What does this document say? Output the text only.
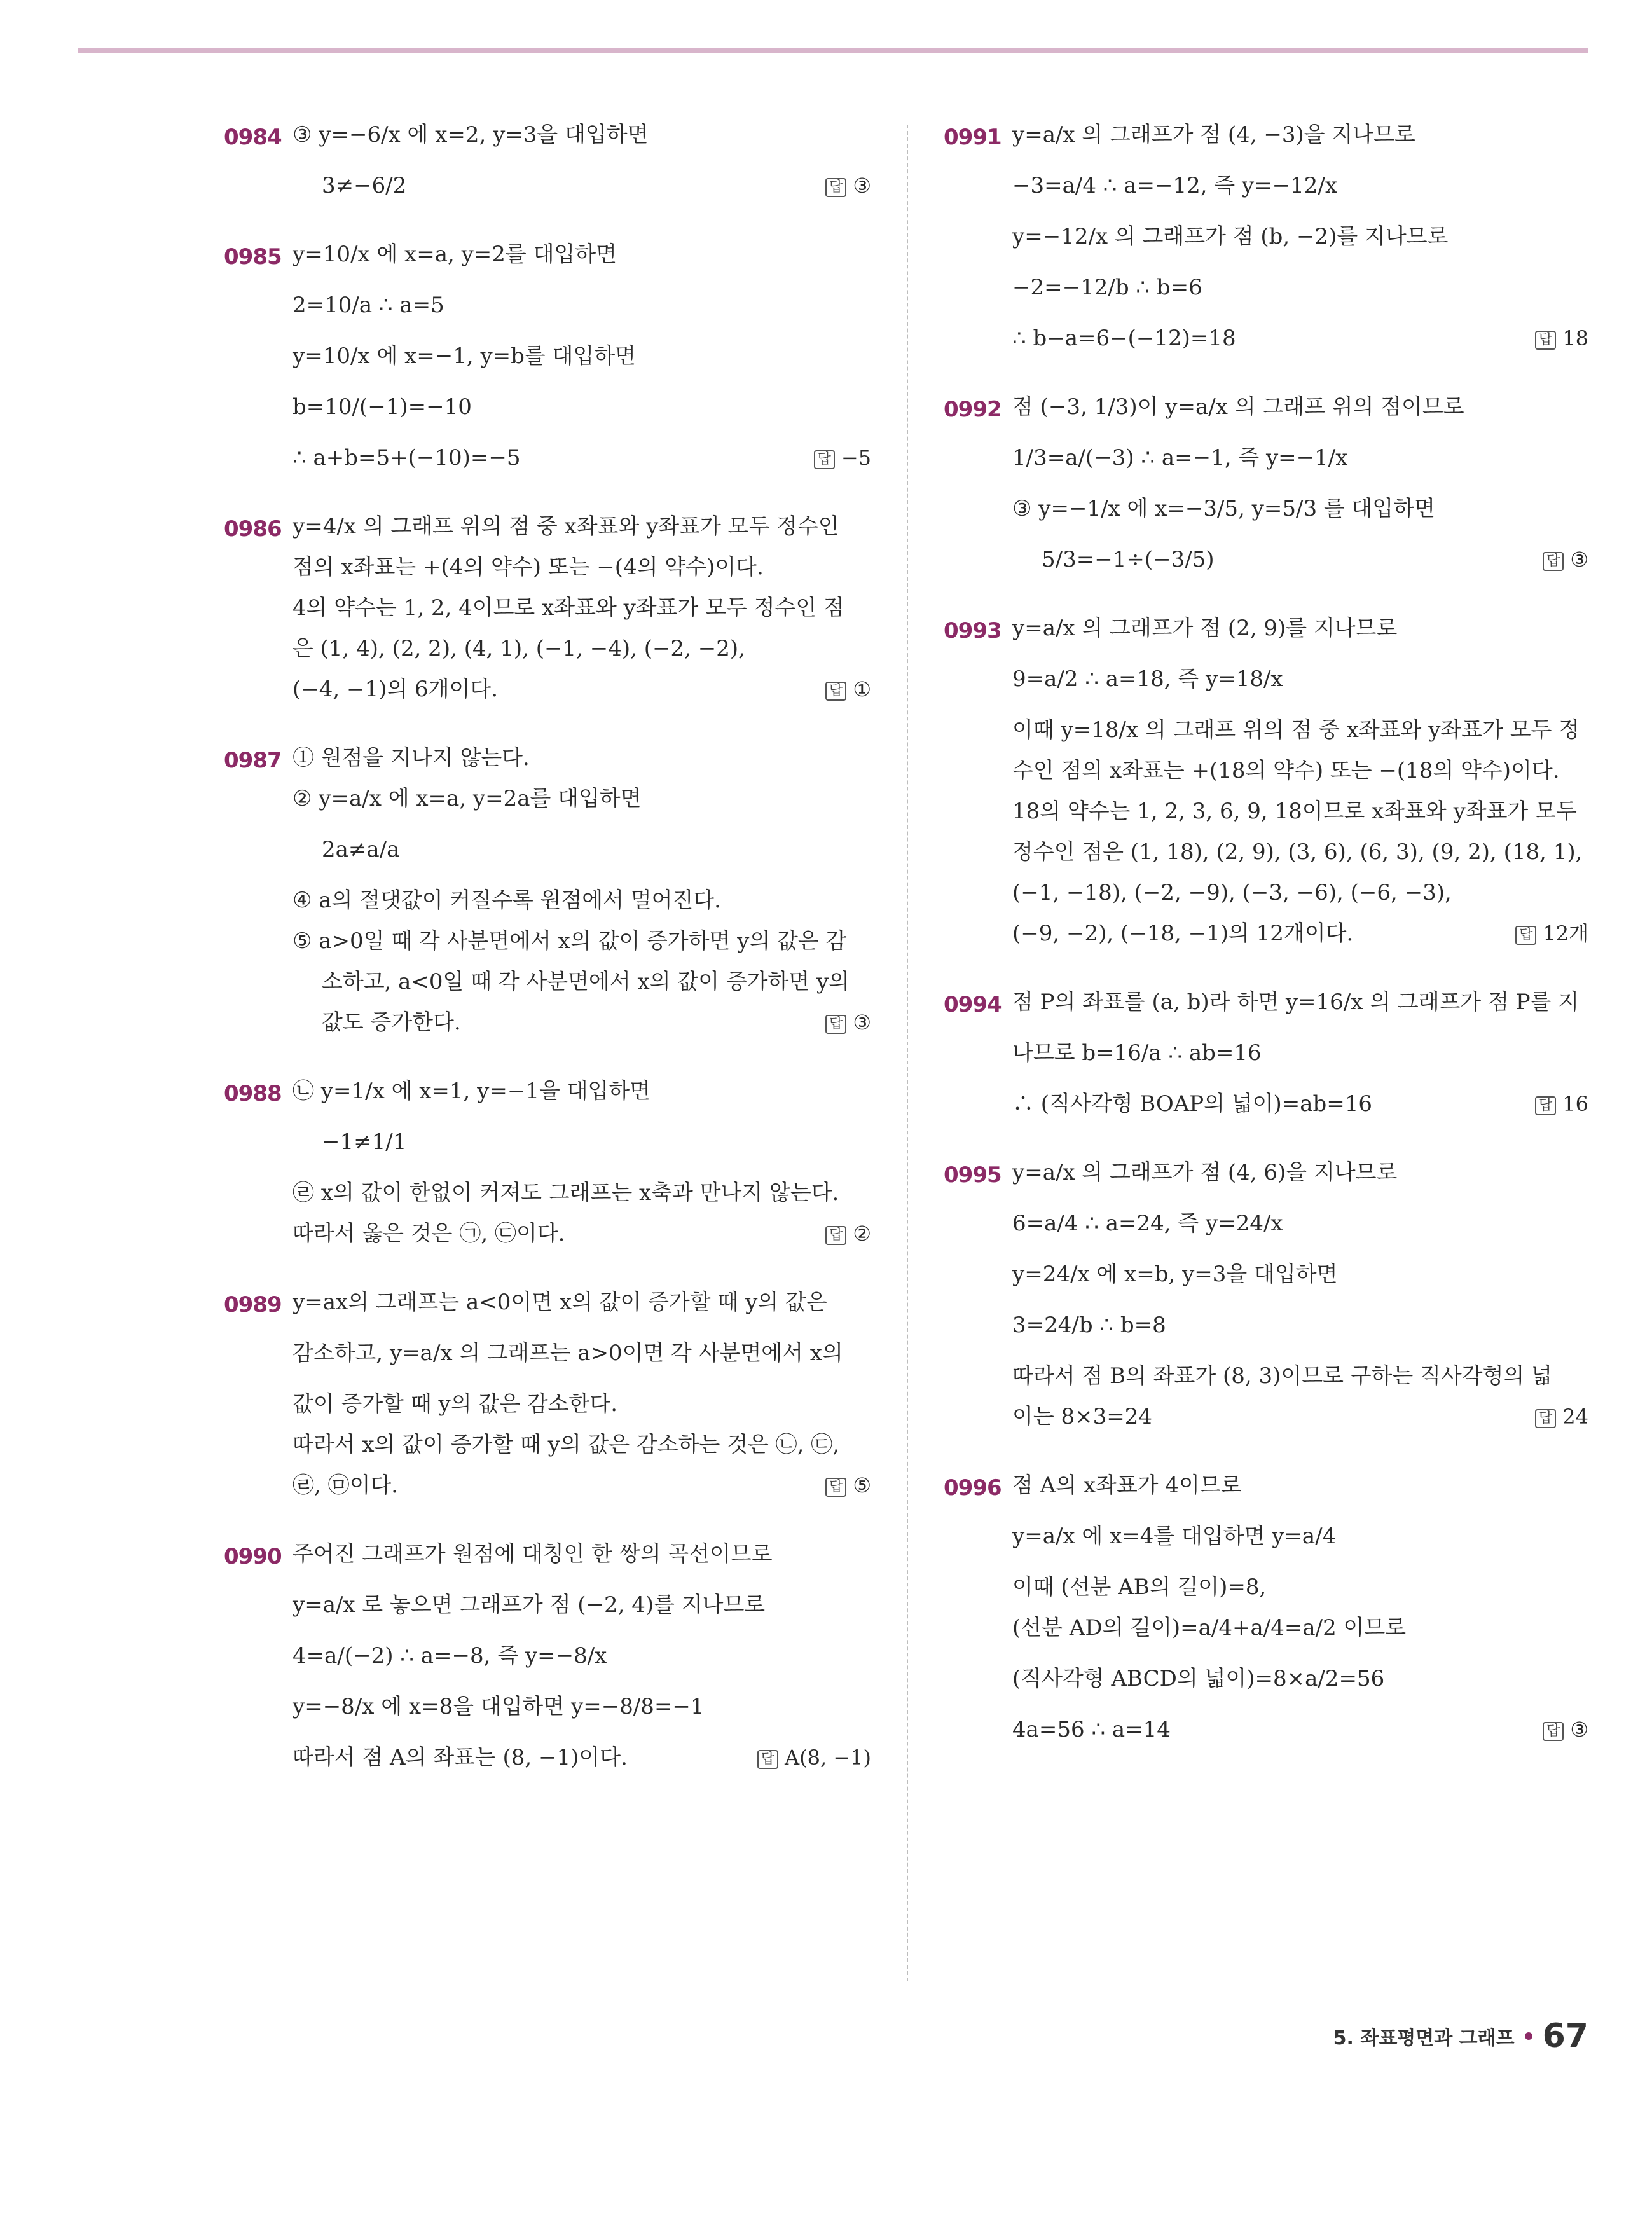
0984 ③ y=−6/x 에 x=2, y=3을 대입하면
3≠−6/2	답 ③
0985 y=10/x 에 x=a, y=2를 대입하면
2=10/a ∴ a=5
y=10/x 에 x=−1, y=b를 대입하면
b=10/(−1)=−10
∴ a+b=5+(−10)=−5	답 −5
0986 y=4/x 의 그래프 위의 점 중 x좌표와 y좌표가 모두 정수인
점의 x좌표는 +(4의 약수) 또는 −(4의 약수)이다.
4의 약수는 1, 2, 4이므로 x좌표와 y좌표가 모두 정수인 점
은 (1, 4), (2, 2), (4, 1), (−1, −4), (−2, −2),
(−4, −1)의 6개이다.	답 ①
0987 ① 원점을 지나지 않는다.
② y=a/x 에 x=a, y=2a를 대입하면
2a≠a/a
④ a의 절댓값이 커질수록 원점에서 멀어진다.
⑤ a>0일 때 각 사분면에서 x의 값이 증가하면 y의 값은 감
소하고, a<0일 때 각 사분면에서 x의 값이 증가하면 y의
값도 증가한다.	답 ③
0988 ㉡ y=1/x 에 x=1, y=−1을 대입하면
−1≠1/1
㉣ x의 값이 한없이 커져도 그래프는 x축과 만나지 않는다.
따라서 옳은 것은 ㉠, ㉢이다.	답 ②
0989 y=ax의 그래프는 a<0이면 x의 값이 증가할 때 y의 값은
감소하고, y=a/x 의 그래프는 a>0이면 각 사분면에서 x의
값이 증가할 때 y의 값은 감소한다.
따라서 x의 값이 증가할 때 y의 값은 감소하는 것은 ㉡, ㉢,
㉣, ㉤이다.	답 ⑤
0990 주어진 그래프가 원점에 대칭인 한 쌍의 곡선이므로
y=a/x 로 놓으면 그래프가 점 (−2, 4)를 지나므로
4=a/(−2) ∴ a=−8, 즉 y=−8/x
y=−8/x 에 x=8을 대입하면 y=−8/8=−1
따라서 점 A의 좌표는 (8, −1)이다.	답 A(8, −1)
0991 y=a/x 의 그래프가 점 (4, −3)을 지나므로
−3=a/4 ∴ a=−12, 즉 y=−12/x
y=−12/x 의 그래프가 점 (b, −2)를 지나므로
−2=−12/b ∴ b=6
∴ b−a=6−(−12)=18	답 18
0992 점 (−3, 1/3)이 y=a/x 의 그래프 위의 점이므로
1/3=a/(−3) ∴ a=−1, 즉 y=−1/x
③ y=−1/x 에 x=−3/5, y=5/3 를 대입하면
5/3=−1÷(−3/5)	답 ③
0993 y=a/x 의 그래프가 점 (2, 9)를 지나므로
9=a/2 ∴ a=18, 즉 y=18/x
이때 y=18/x 의 그래프 위의 점 중 x좌표와 y좌표가 모두 정
수인 점의 x좌표는 +(18의 약수) 또는 −(18의 약수)이다.
18의 약수는 1, 2, 3, 6, 9, 18이므로 x좌표와 y좌표가 모두
정수인 점은 (1, 18), (2, 9), (3, 6), (6, 3), (9, 2), (18, 1),
(−1, −18), (−2, −9), (−3, −6), (−6, −3),
(−9, −2), (−18, −1)의 12개이다.	답 12개
0994 점 P의 좌표를 (a, b)라 하면 y=16/x 의 그래프가 점 P를 지
나므로 b=16/a ∴ ab=16
∴ (직사각형 BOAP의 넓이)=ab=16	답 16
0995 y=a/x 의 그래프가 점 (4, 6)을 지나므로
6=a/4 ∴ a=24, 즉 y=24/x
y=24/x 에 x=b, y=3을 대입하면
3=24/b ∴ b=8
따라서 점 B의 좌표가 (8, 3)이므로 구하는 직사각형의 넓
이는 8×3=24	답 24
0996 점 A의 x좌표가 4이므로
y=a/x 에 x=4를 대입하면 y=a/4
이때 (선분 AB의 길이)=8,
(선분 AD의 길이)=a/4+a/4=a/2 이므로
(직사각형 ABCD의 넓이)=8×a/2=56
4a=56 ∴ a=14	답 ③
5. 좌표평면과 그래프 67
